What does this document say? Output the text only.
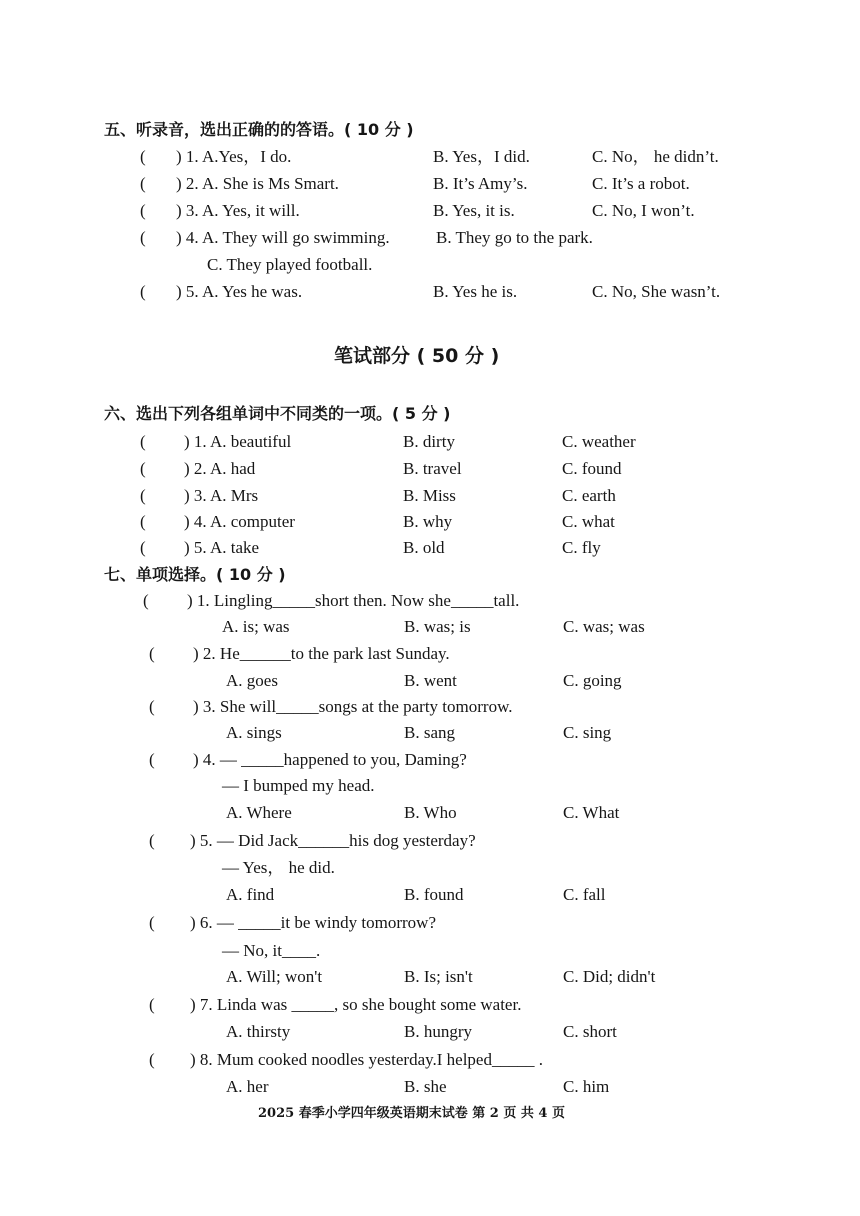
五、听录音，选出正确的的答语。( 10 分 )
( ) 1. A.Yes，I do.	B. Yes，I did.	C. No， he didn’t.
( ) 2. A. She is Ms Smart.	B. It’s Amy’s.	C. It’s a robot.
( ) 3. A. Yes, it will.	B. Yes, it is.	C. No, I won’t.
( ) 4. A. They will go swimming.	B. They go to the park.
C. They played football.
( ) 5. A. Yes he was.	B. Yes he is.	C. No, She wasn’t.
笔试部分 ( 50 分 )
六、选出下列各组单词中不同类的一项。( 5 分 )
( ) 1. A. beautiful	B. dirty	C. weather
( ) 2. A. had	B. travel	C. found
( ) 3. A. Mrs	B. Miss	C. earth
( ) 4. A. computer	B. why	C. what
( ) 5. A. take	B. old	C. fly
七、单项选择。( 10 分 )
( ) 1. Lingling_____short then. Now she_____tall.
A. is; was	B. was; is	C. was; was
( ) 2. He______to the park last Sunday.
A. goes	B. went	C. going
( ) 3. She will_____songs at the party tomorrow.
A. sings	B. sang	C. sing
( ) 4. — _____happened to you, Daming?
— I bumped my head.
A. Where	B. Who	C. What
( ) 5. — Did Jack______his dog yesterday?
— Yes， he did.
A. find	B. found	C. fall
( ) 6. — _____it be windy tomorrow?
— No, it____.
A. Will; won't	B. Is; isn't	C. Did; didn't
( ) 7. Linda was _____, so she bought some water.
A. thirsty	B. hungry	C. short
( ) 8. Mum cooked noodles yesterday.I helped_____ .
A. her	B. she	C. him
2025 春季小学四年级英语期末试卷 第 2 页 共 4 页
